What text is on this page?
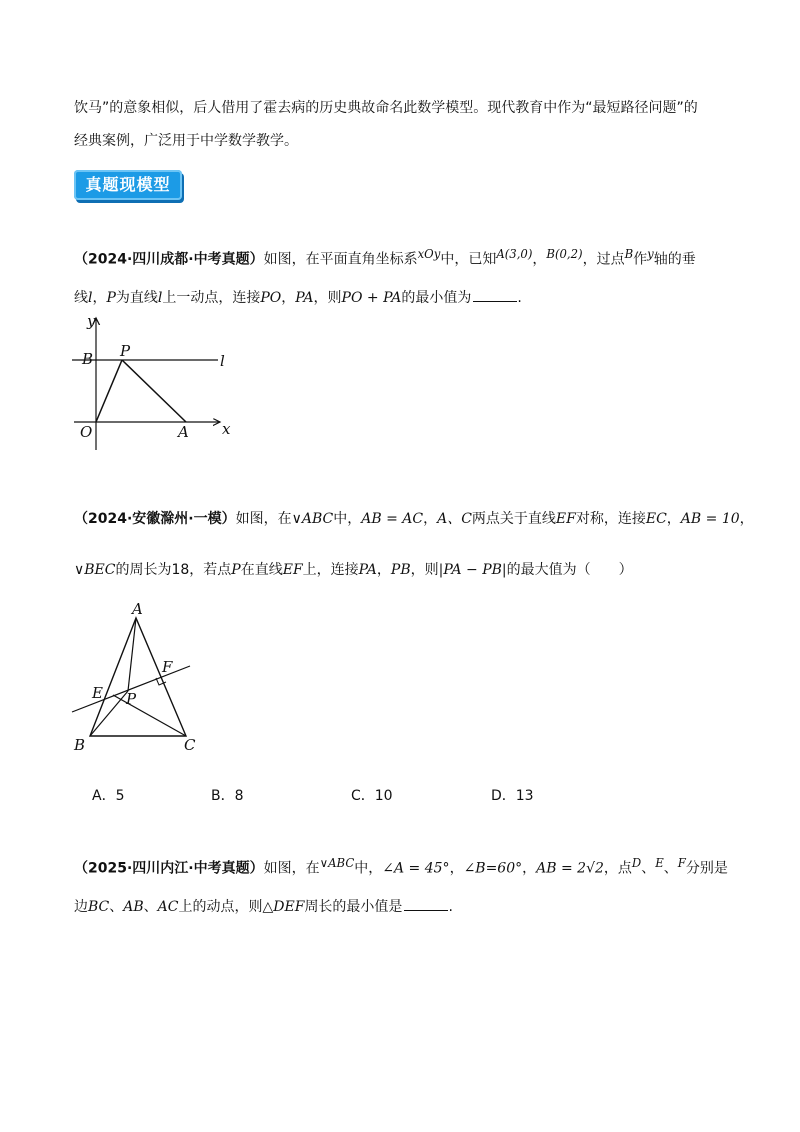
饮马”的意象相似，后人借用了霍去病的历史典故命名此数学模型。现代教育中作为“最短路径问题”的
经典案例，广泛用于中学数学教学。
真题现模型
（2024·四川成都·中考真题）如图，在平面直角坐标系$^{xOy}$中，已知$^{A(3,0)}$，$^{B(0,2)}$，过点$^B$作$^y$轴的垂
线l，P为直线l上一动点，连接PO，PA，则PO + PA的最小值为	.
y
x
B P
l
O	A
（2024·安徽滁州·一模）如图，在∨ABC中，AB = AC，A、C两点关于直线EF对称，连接EC，AB = 10，
∨BEC的周长为18，若点P在直线EF上，连接PA，PB，则|PA − PB|的最大值为（　　）
A
F
E P
B	C
A．5	B．8	C．10	D．13
（2025·四川内江·中考真题）如图，在$^{\vee ABC}$中，∠A = 45°，∠B=60°，AB = 2√2，点$^D$、$^E$、$^F$分别是
边BC、AB、AC上的动点，则△DEF周长的最小值是	.
